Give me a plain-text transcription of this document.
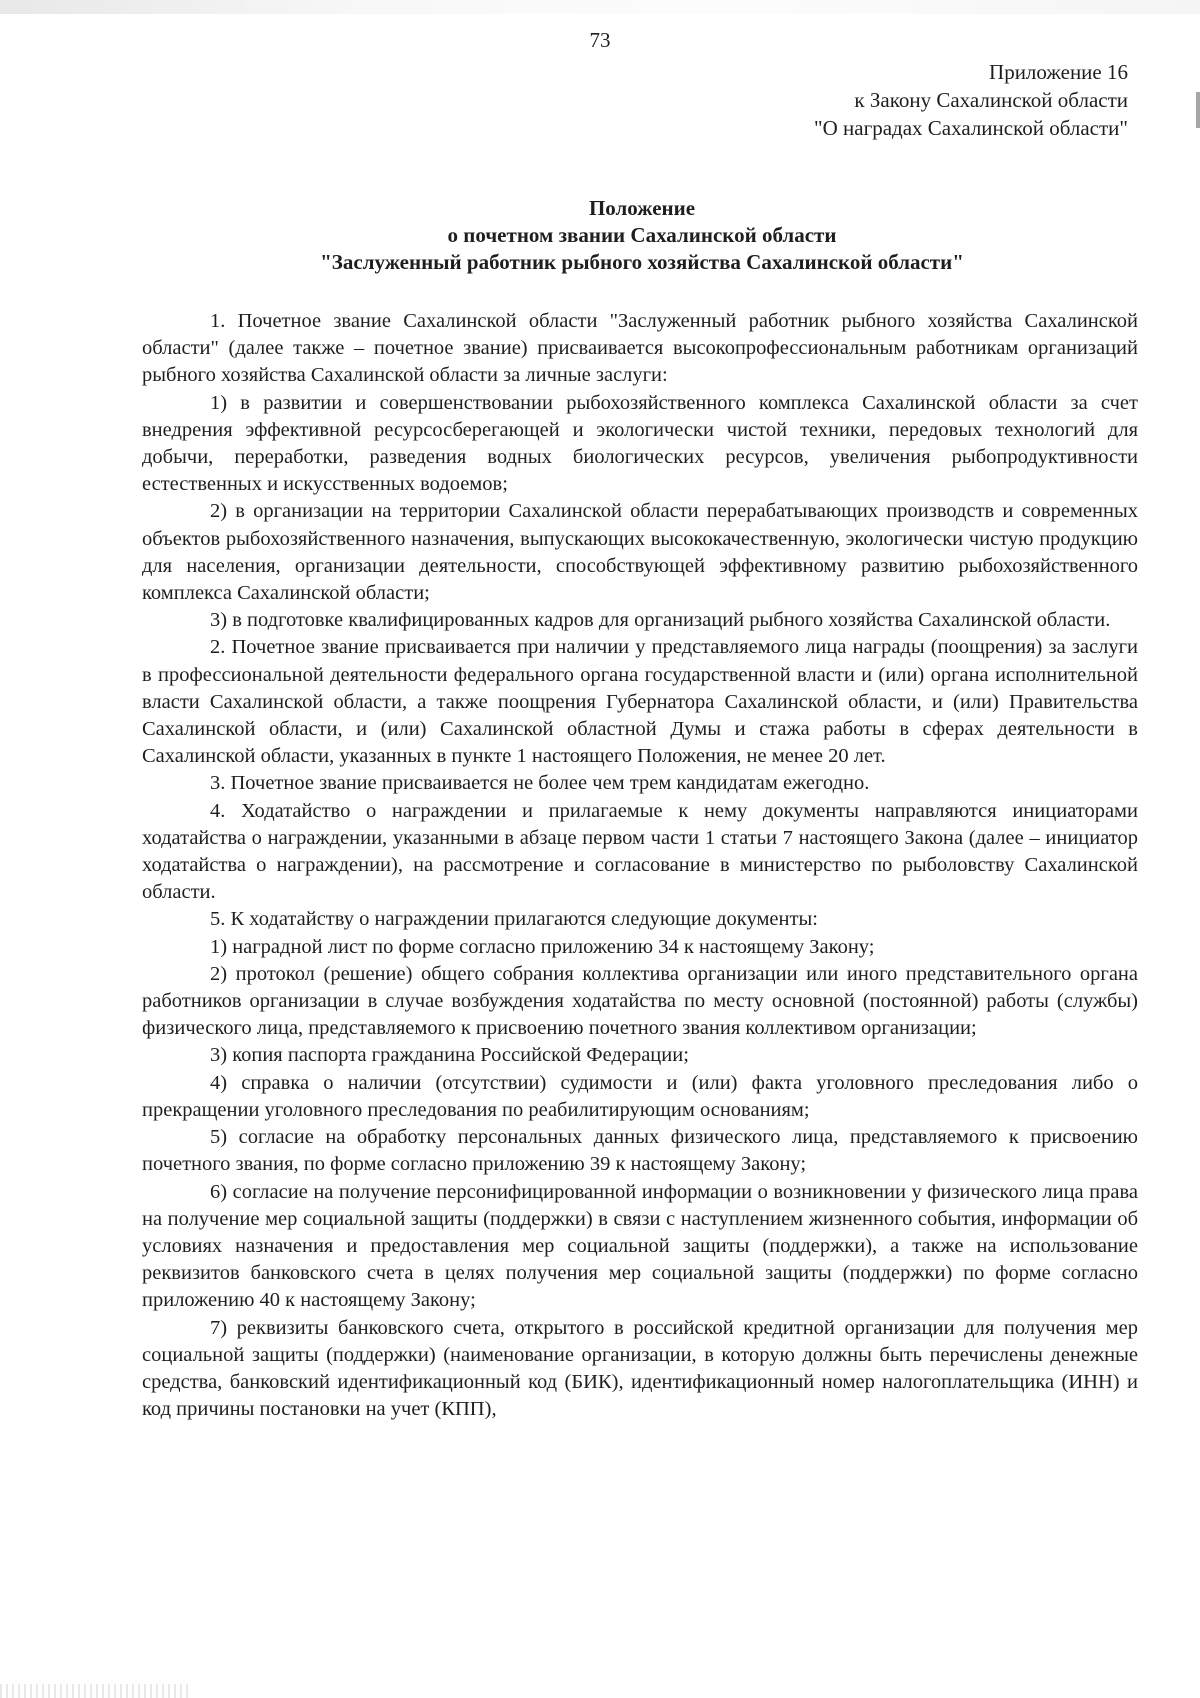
73
Приложение 16
к Закону Сахалинской области
"О наградах Сахалинской области"
Положение
о почетном звании Сахалинской области
"Заслуженный работник рыбного хозяйства Сахалинской области"

1. Почетное звание Сахалинской области "Заслуженный работник рыбного хозяйства Сахалинской области" (далее также – почетное звание) присваивается высокопрофессиональным работникам организаций рыбного хозяйства Сахалинской области за личные заслуги:

1) в развитии и совершенствовании рыбохозяйственного комплекса Сахалинской области за счет внедрения эффективной ресурсосберегающей и экологически чистой техники, передовых технологий для добычи, переработки, разведения водных биологических ресурсов, увеличения рыбопродуктивности естественных и искусственных водоемов;

2) в организации на территории Сахалинской области перерабатывающих производств и современных объектов рыбохозяйственного назначения, выпускающих высококачественную, экологически чистую продукцию для населения, организации деятельности, способствующей эффективному развитию рыбохозяйственного комплекса Сахалинской области;

3) в подготовке квалифицированных кадров для организаций рыбного хозяйства Сахалинской области.

2. Почетное звание присваивается при наличии у представляемого лица награды (поощрения) за заслуги в профессиональной деятельности федерального органа государственной власти и (или) органа исполнительной власти Сахалинской области, а также поощрения Губернатора Сахалинской области, и (или) Правительства Сахалинской области, и (или) Сахалинской областной Думы и стажа работы в сферах деятельности в Сахалинской области, указанных в пункте 1 настоящего Положения, не менее 20 лет.

3. Почетное звание присваивается не более чем трем кандидатам ежегодно.

4. Ходатайство о награждении и прилагаемые к нему документы направляются инициаторами ходатайства о награждении, указанными в абзаце первом части 1 статьи 7 настоящего Закона (далее – инициатор ходатайства о награждении), на рассмотрение и согласование в министерство по рыболовству Сахалинской области.

5. К ходатайству о награждении прилагаются следующие документы:

1) наградной лист по форме согласно приложению 34 к настоящему Закону;

2) протокол (решение) общего собрания коллектива организации или иного представительного органа работников организации в случае возбуждения ходатайства по месту основной (постоянной) работы (службы) физического лица, представляемого к присвоению почетного звания коллективом организации;

3) копия паспорта гражданина Российской Федерации;

4) справка о наличии (отсутствии) судимости и (или) факта уголовного преследования либо о прекращении уголовного преследования по реабилитирующим основаниям;

5) согласие на обработку персональных данных физического лица, представляемого к присвоению почетного звания, по форме согласно приложению 39 к настоящему Закону;

6) согласие на получение персонифицированной информации о возникновении у физического лица права на получение мер социальной защиты (поддержки) в связи с наступлением жизненного события, информации об условиях назначения и предоставления мер социальной защиты (поддержки), а также на использование реквизитов банковского счета в целях получения мер социальной защиты (поддержки) по форме согласно приложению 40 к настоящему Закону;

7) реквизиты банковского счета, открытого в российской кредитной организации для получения мер социальной защиты (поддержки) (наименование организации, в которую должны быть перечислены денежные средства, банковский идентификационный код (БИК), идентификационный номер налогоплательщика (ИНН) и код причины постановки на учет (КПП),
